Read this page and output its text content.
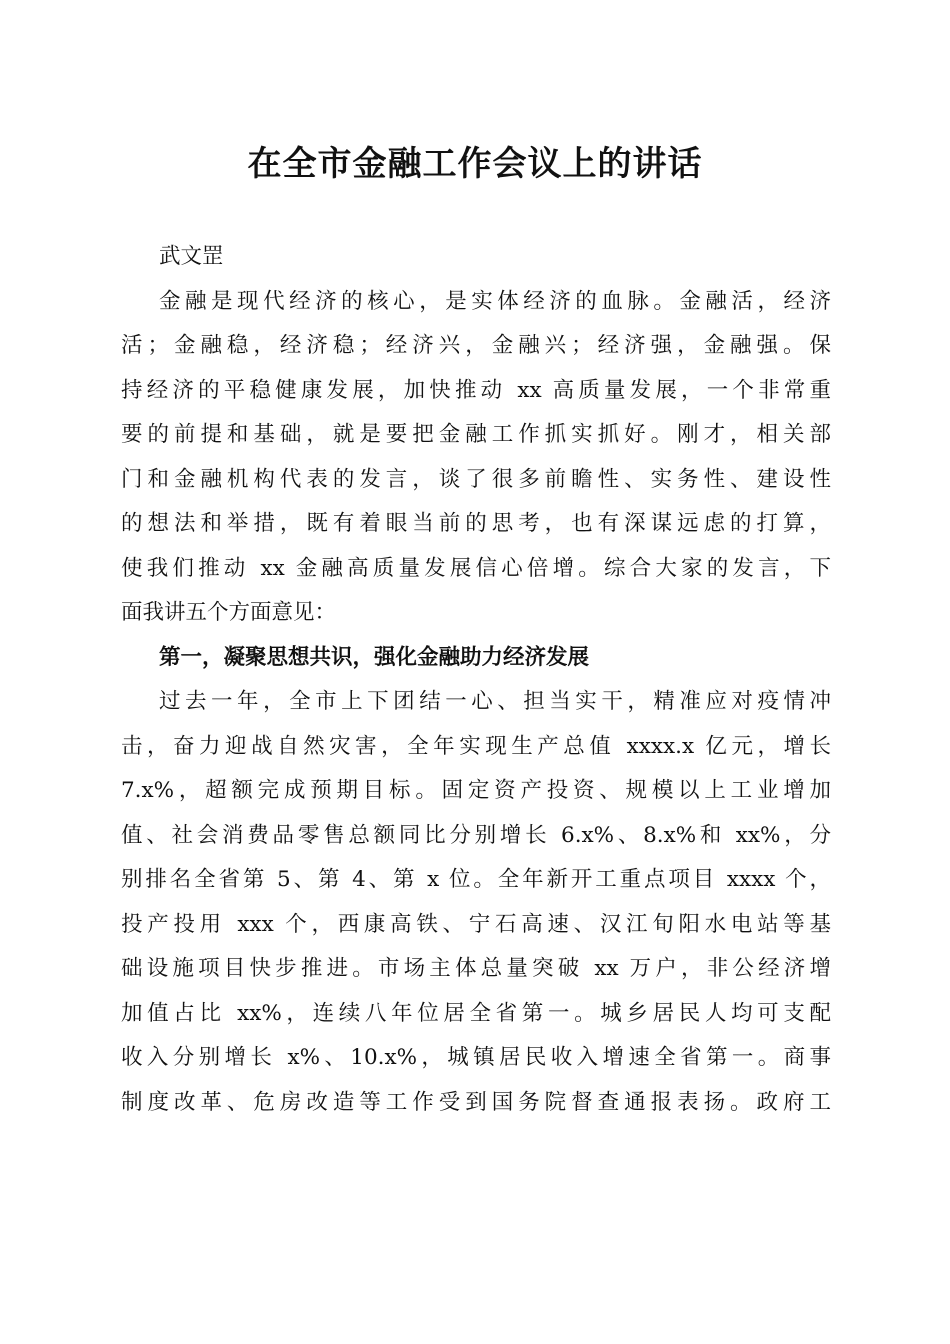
在全市金融工作会议上的讲话
武文罡
金融是现代经济的核心，是实体经济的血脉。金融活，经济
活；金融稳，经济稳；经济兴，金融兴；经济强，金融强。保
持经济的平稳健康发展，加快推动 xx 高质量发展，一个非常重
要的前提和基础，就是要把金融工作抓实抓好。刚才，相关部
门和金融机构代表的发言，谈了很多前瞻性、实务性、建设性
的想法和举措，既有着眼当前的思考，也有深谋远虑的打算，
使我们推动 xx 金融高质量发展信心倍增。综合大家的发言，下
面我讲五个方面意见：
第一，凝聚思想共识，强化金融助力经济发展
过去一年，全市上下团结一心、担当实干，精准应对疫情冲
击，奋力迎战自然灾害，全年实现生产总值 xxxx.x 亿元，增长
7.x%，超额完成预期目标。固定资产投资、规模以上工业增加
值、社会消费品零售总额同比分别增长 6.x%、8.x%和 xx%，分
别排名全省第 5、第 4、第 x 位。全年新开工重点项目 xxxx 个，
投产投用 xxx 个，西康高铁、宁石高速、汉江旬阳水电站等基
础设施项目快步推进。市场主体总量突破 xx 万户，非公经济增
加值占比 xx%，连续八年位居全省第一。城乡居民人均可支配
收入分别增长 x%、10.x%，城镇居民收入增速全省第一。商事
制度改革、危房改造等工作受到国务院督查通报表扬。政府工
